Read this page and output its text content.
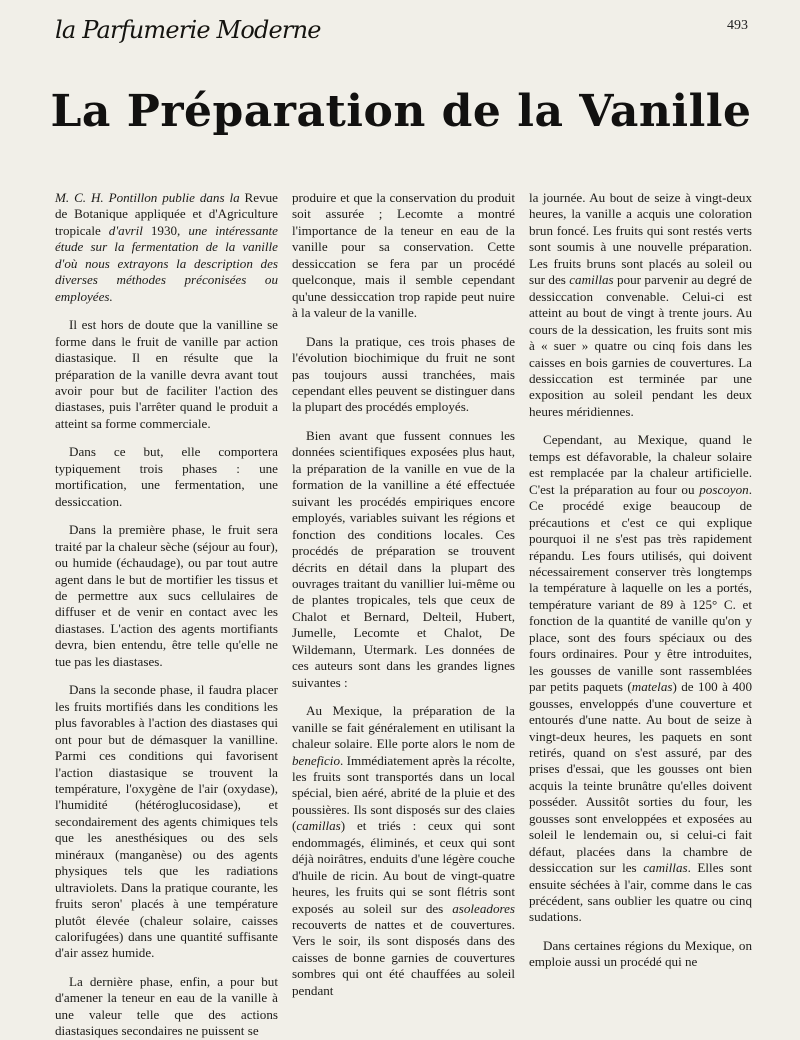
la Parfumerie Moderne	493
La Préparation de la Vanille

M. C. H. Pontillon publie dans la Revue de Botanique appliquée et d'Agriculture tropicale d'avril 1930, une intéressante étude sur la fermentation de la vanille d'où nous extrayons la description des diverses méthodes préconisées ou employées.

Il est hors de doute que la vanilline se forme dans le fruit de vanille par action diastasique. Il en résulte que la préparation de la vanille devra avant tout avoir pour but de faciliter l'action des diastases, puis l'arrêter quand le produit a atteint sa forme commerciale.

Dans ce but, elle comportera typiquement trois phases : une mortification, une fermentation, une dessiccation.

Dans la première phase, le fruit sera traité par la chaleur sèche (séjour au four), ou humide (échaudage), ou par tout autre agent dans le but de mortifier les tissus et de permettre aux sucs cellulaires de diffuser et de venir en contact avec les diastases. L'action des agents mortifiants devra, bien entendu, être telle qu'elle ne tue pas les diastases.

Dans la seconde phase, il faudra placer les fruits mortifiés dans les conditions les plus favorables à l'action des diastases qui ont pour but de démasquer la vanilline. Parmi ces conditions qui favorisent l'action diastasique se trouvent la température, l'oxygène de l'air (oxydase), l'humidité (hétéroglucosidase), et secondairement des agents chimiques tels que les anesthésiques ou des sels minéraux (manganèse) ou des agents physiques tels que les radiations ultraviolets. Dans la pratique courante, les fruits seron' placés à une température plutôt élevée (chaleur solaire, caisses calorifugées) dans une quantité suffisante d'air assez humide.

La dernière phase, enfin, a pour but d'amener la teneur en eau de la vanille à une valeur telle que des actions diastasiques secondaires ne puissent se

produire et que la conservation du produit soit assurée ; Lecomte a montré l'importance de la teneur en eau de la vanille pour sa conservation. Cette dessiccation se fera par un procédé quelconque, mais il semble cependant qu'une dessiccation trop rapide peut nuire à la valeur de la vanille.

Dans la pratique, ces trois phases de l'évolution biochimique du fruit ne sont pas toujours aussi tranchées, mais cependant elles peuvent se distinguer dans la plupart des procédés employés.

Bien avant que fussent connues les données scientifiques exposées plus haut, la préparation de la vanille en vue de la formation de la vanilline a été effectuée suivant les procédés empiriques encore employés, variables suivant les régions et fonction des conditions locales. Ces procédés de préparation se trouvent décrits en détail dans la plupart des ouvrages traitant du vanillier lui-même ou de plantes tropicales, tels que ceux de Chalot et Bernard, Delteil, Hubert, Jumelle, Lecomte et Chalot, De Wildemann, Utermark. Les données de ces auteurs sont dans les grandes lignes suivantes :

Au Mexique, la préparation de la vanille se fait généralement en utilisant la chaleur solaire. Elle porte alors le nom de beneficio. Immédiatement après la récolte, les fruits sont transportés dans un local spécial, bien aéré, abrité de la pluie et des poussières. Ils sont disposés sur des claies (camillas) et triés : ceux qui sont endommagés, éliminés, et ceux qui sont déjà noirâtres, enduits d'une légère couche d'huile de ricin. Au bout de vingt-quatre heures, les fruits qui se sont flétris sont exposés au soleil sur des asoleadores recouverts de nattes et de couvertures. Vers le soir, ils sont disposés dans des caisses de bonne garnies de couvertures sombres qui ont été chauffées au soleil pendant

la journée. Au bout de seize à vingt-deux heures, la vanille a acquis une coloration brun foncé. Les fruits qui sont restés verts sont soumis à une nouvelle préparation. Les fruits bruns sont placés au soleil ou sur des camillas pour parvenir au degré de dessiccation convenable. Celui-ci est atteint au bout de vingt à trente jours. Au cours de la dessication, les fruits sont mis à « suer » quatre ou cinq fois dans les caisses en bois garnies de couvertures. La dessiccation est terminée par une exposition au soleil pendant les deux heures méridiennes.

Cependant, au Mexique, quand le temps est défavorable, la chaleur solaire est remplacée par la chaleur artificielle. C'est la préparation au four ou poscoyon. Ce procédé exige beaucoup de précautions et c'est ce qui explique pourquoi il ne s'est pas très rapidement répandu. Les fours utilisés, qui doivent nécessairement conserver très longtemps la température à laquelle on les a portés, température variant de 89 à 125° C. et fonction de la quantité de vanille qu'on y place, sont des fours spéciaux ou des fours ordinaires. Pour y être introduites, les gousses de vanille sont rassemblées par petits paquets (matelas) de 100 à 400 gousses, enveloppés d'une couverture et entourés d'une natte. Au bout de seize à vingt-deux heures, les paquets en sont retirés, quand on s'est assuré, par des prises d'essai, que les gousses ont bien acquis la teinte brunâtre qu'elles doivent posséder. Aussitôt sorties du four, les gousses sont enveloppées et exposées au soleil le lendemain ou, si celui-ci fait défaut, placées dans la chambre de dessiccation sur les camillas. Elles sont ensuite séchées à l'air, comme dans le cas précédent, sans oublier les quatre ou cinq sudations.

Dans certaines régions du Mexique, on emploie aussi un procédé qui ne
